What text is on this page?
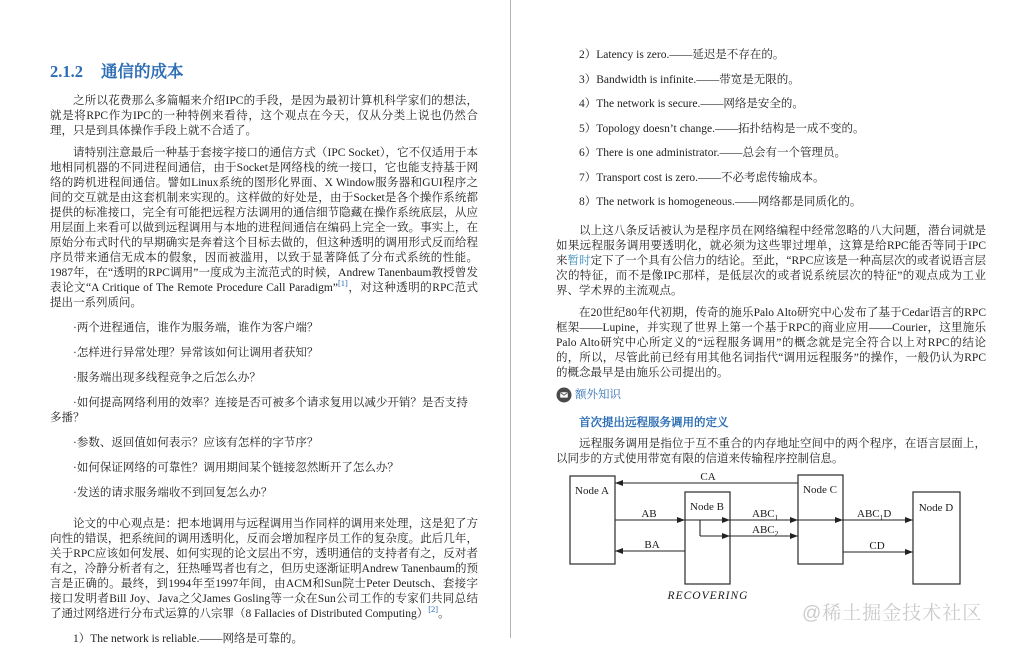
2.1.2 通信的成本

之所以花费那么多篇幅来介绍IPC的手段，是因为最初计算机科学家们的想法，就是将RPC作为IPC的一种特例来看待，这个观点在今天，仅从分类上说也仍然合理，只是到具体操作手段上就不合适了。

请特别注意最后一种基于套接字接口的通信方式（IPC Socket），它不仅适用于本地相同机器的不同进程间通信，由于Socket是网络栈的统一接口，它也能支持基于网络的跨机进程间通信。譬如Linux系统的图形化界面、X Window服务器和GUI程序之间的交互就是由这套机制来实现的。这样做的好处是，由于Socket是各个操作系统都提供的标准接口，完全有可能把远程方法调用的通信细节隐藏在操作系统底层，从应用层面上来看可以做到远程调用与本地的进程间通信在编码上完全一致。事实上，在原始分布式时代的早期确实是奔着这个目标去做的，但这种透明的调用形式反而给程序员带来通信无成本的假象，因而被滥用，以致于显著降低了分布式系统的性能。1987年，在“透明的RPC调用”一度成为主流范式的时候，Andrew Tanenbaum教授曾发表论文“A Critique of The Remote Procedure Call Paradigm”[1]，对这种透明的RPC范式提出一系列质问。

·两个进程通信，谁作为服务端，谁作为客户端？

·怎样进行异常处理？异常该如何让调用者获知？

·服务端出现多线程竞争之后怎么办？

·如何提高网络利用的效率？连接是否可被多个请求复用以减少开销？是否支持多播？

·参数、返回值如何表示？应该有怎样的字节序？

·如何保证网络的可靠性？调用期间某个链接忽然断开了怎么办？

·发送的请求服务端收不到回复怎么办？

论文的中心观点是：把本地调用与远程调用当作同样的调用来处理，这是犯了方向性的错误，把系统间的调用透明化，反而会增加程序员工作的复杂度。此后几年，关于RPC应该如何发展、如何实现的论文层出不穷，透明通信的支持者有之，反对者有之，冷静分析者有之，狂热唾骂者也有之，但历史逐渐证明Andrew Tanenbaum的预言是正确的。最终，到1994年至1997年间，由ACM和Sun院士Peter Deutsch、套接字接口发明者Bill Joy、Java之父James Gosling等一众在Sun公司工作的专家们共同总结了通过网络进行分布式运算的八宗罪（8 Fallacies of Distributed Computing）[2]。

1）The network is reliable.——网络是可靠的。

2）Latency is zero.——延迟是不存在的。

3）Bandwidth is infinite.——带宽是无限的。

4）The network is secure.——网络是安全的。

5）Topology doesn’t change.——拓扑结构是一成不变的。

6）There is one administrator.——总会有一个管理员。

7）Transport cost is zero.——不必考虑传输成本。

8）The network is homogeneous.——网络都是同质化的。

以上这八条反话被认为是程序员在网络编程中经常忽略的八大问题，潜台词就是如果远程服务调用要透明化，就必须为这些罪过埋单，这算是给RPC能否等同于IPC来暂时定下了一个具有公信力的结论。至此，“RPC应该是一种高层次的或者说语言层次的特征，而不是像IPC那样，是低层次的或者说系统层次的特征”的观点成为工业界、学术界的主流观点。

在20世纪80年代初期，传奇的施乐Palo Alto研究中心发布了基于Cedar语言的RPC框架——Lupine，并实现了世界上第一个基于RPC的商业应用——Courier，这里施乐Palo Alto研究中心所定义的“远程服务调用”的概念就是完全符合以上对RPC的结论的，所以，尽管此前已经有用其他名词指代“调用远程服务”的操作，一般仍认为RPC的概念最早是由施乐公司提出的。

额外知识

首次提出远程服务调用的定义

远程服务调用是指位于互不重合的内存地址空间中的两个程序，在语言层面上，以同步的方式使用带宽有限的信道来传输程序控制信息。

Node A
Node B
Node C
Node D
CA
AB
BA
$ABC_1$
$ABC_2$
$ABC_1D$
CD
RECOVERING
@稀土掘金技术社区
